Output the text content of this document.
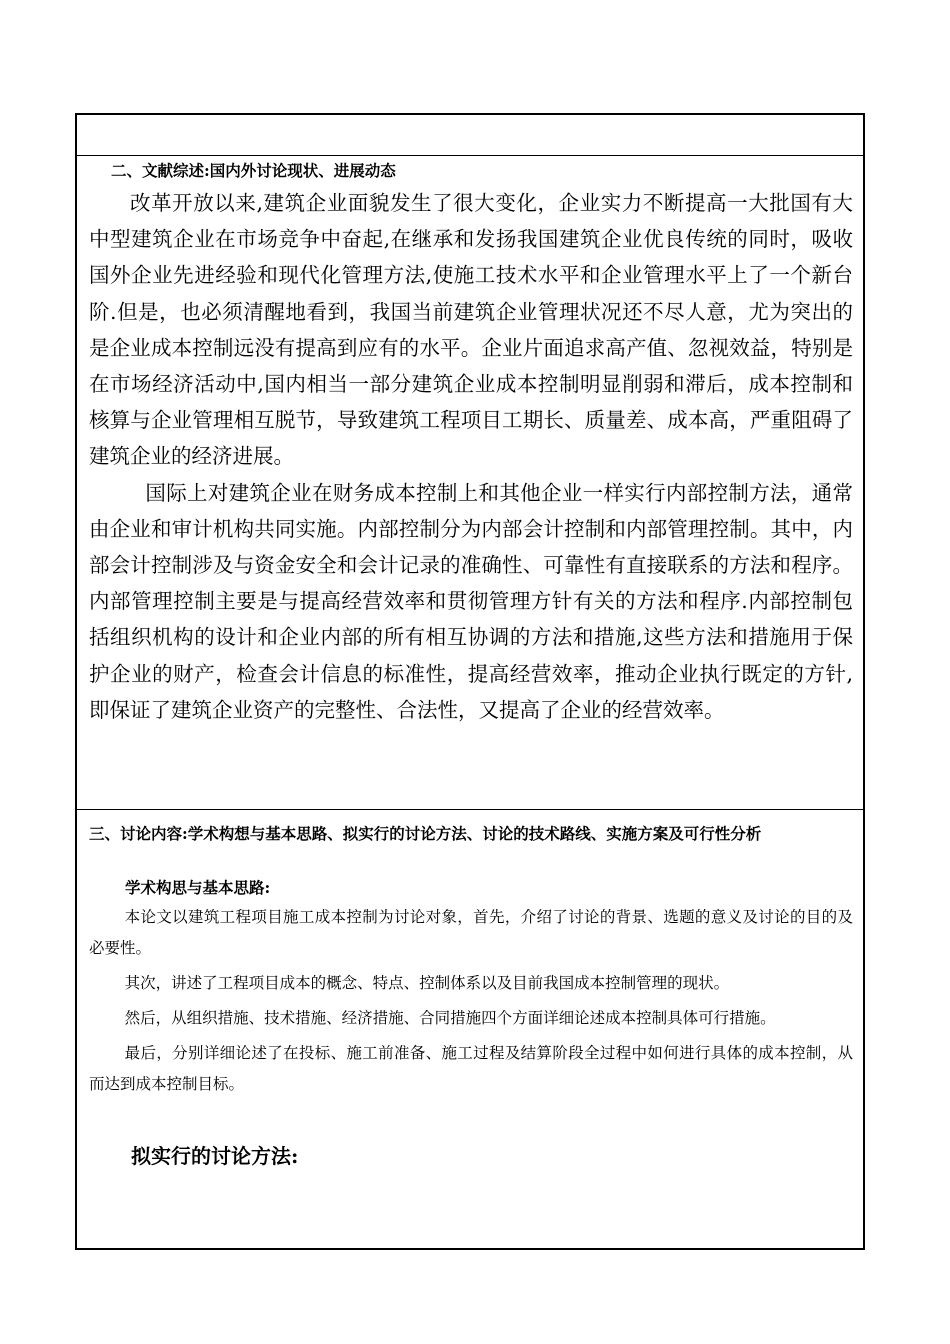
二、文献综述:国内外讨论现状、进展动态

改革开放以来,建筑企业面貌发生了很大变化，企业实力不断提高一大批国有大中型建筑企业在市场竞争中奋起,在继承和发扬我国建筑企业优良传统的同时，吸收国外企业先进经验和现代化管理方法,使施工技术水平和企业管理水平上了一个新台阶.但是，也必须清醒地看到，我国当前建筑企业管理状况还不尽人意，尤为突出的是企业成本控制远没有提高到应有的水平。企业片面追求高产值、忽视效益，特别是在市场经济活动中,国内相当一部分建筑企业成本控制明显削弱和滞后，成本控制和核算与企业管理相互脱节，导致建筑工程项目工期长、质量差、成本高，严重阻碍了建筑企业的经济进展。

国际上对建筑企业在财务成本控制上和其他企业一样实行内部控制方法，通常由企业和审计机构共同实施。内部控制分为内部会计控制和内部管理控制。其中，内部会计控制涉及与资金安全和会计记录的准确性、可靠性有直接联系的方法和程序。内部管理控制主要是与提高经营效率和贯彻管理方针有关的方法和程序.内部控制包括组织机构的设计和企业内部的所有相互协调的方法和措施,这些方法和措施用于保护企业的财产，检查会计信息的标准性，提高经营效率，推动企业执行既定的方针,即保证了建筑企业资产的完整性、合法性，又提高了企业的经营效率。

三、讨论内容:学术构想与基本思路、拟实行的讨论方法、讨论的技术路线、实施方案及可行性分析
学术构思与基本思路:

本论文以建筑工程项目施工成本控制为讨论对象，首先，介绍了讨论的背景、选题的意义及讨论的目的及必要性。

其次，讲述了工程项目成本的概念、特点、控制体系以及目前我国成本控制管理的现状。

然后，从组织措施、技术措施、经济措施、合同措施四个方面详细论述成本控制具体可行措施。

最后，分别详细论述了在投标、施工前准备、施工过程及结算阶段全过程中如何进行具体的成本控制，从而达到成本控制目标。

拟实行的讨论方法:
